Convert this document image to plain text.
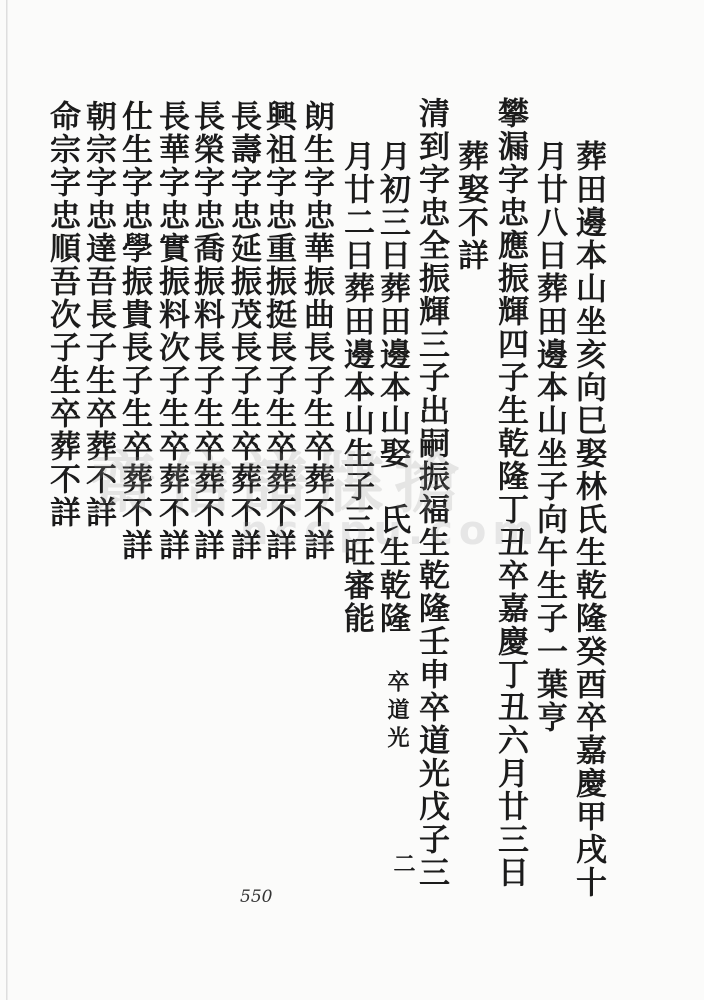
葬田邊本山坐亥向巳娶林氏生乾隆癸酉卒嘉慶甲戌十
月廿八日葬田邊本山坐子向午生子一葉亨
攀漏字忠應振輝四子生乾隆丁丑卒嘉慶丁丑六月廿三日
葬娶不詳
清到字忠全振輝三子出嗣振福生乾隆壬申卒道光戊子三
月初三日葬田邊本山娶　氏生乾隆
卒道光
月廿二日葬田邊本山生子三旺審能
二
朗生字忠華振曲長子生卒葬不詳
興祖字忠重振挺長子生卒葬不詳
長壽字忠延振茂長子生卒葬不詳
長榮字忠喬振料長子生卒葬不詳
長華字忠實振料次子生卒葬不詳
仕生字忠學振貴長子生卒葬不詳
朝宗字忠達吾長子生卒葬不詳
命宗字忠順吾次子生卒葬不詳 齋信譜牒搶
ncqpu.com
550
